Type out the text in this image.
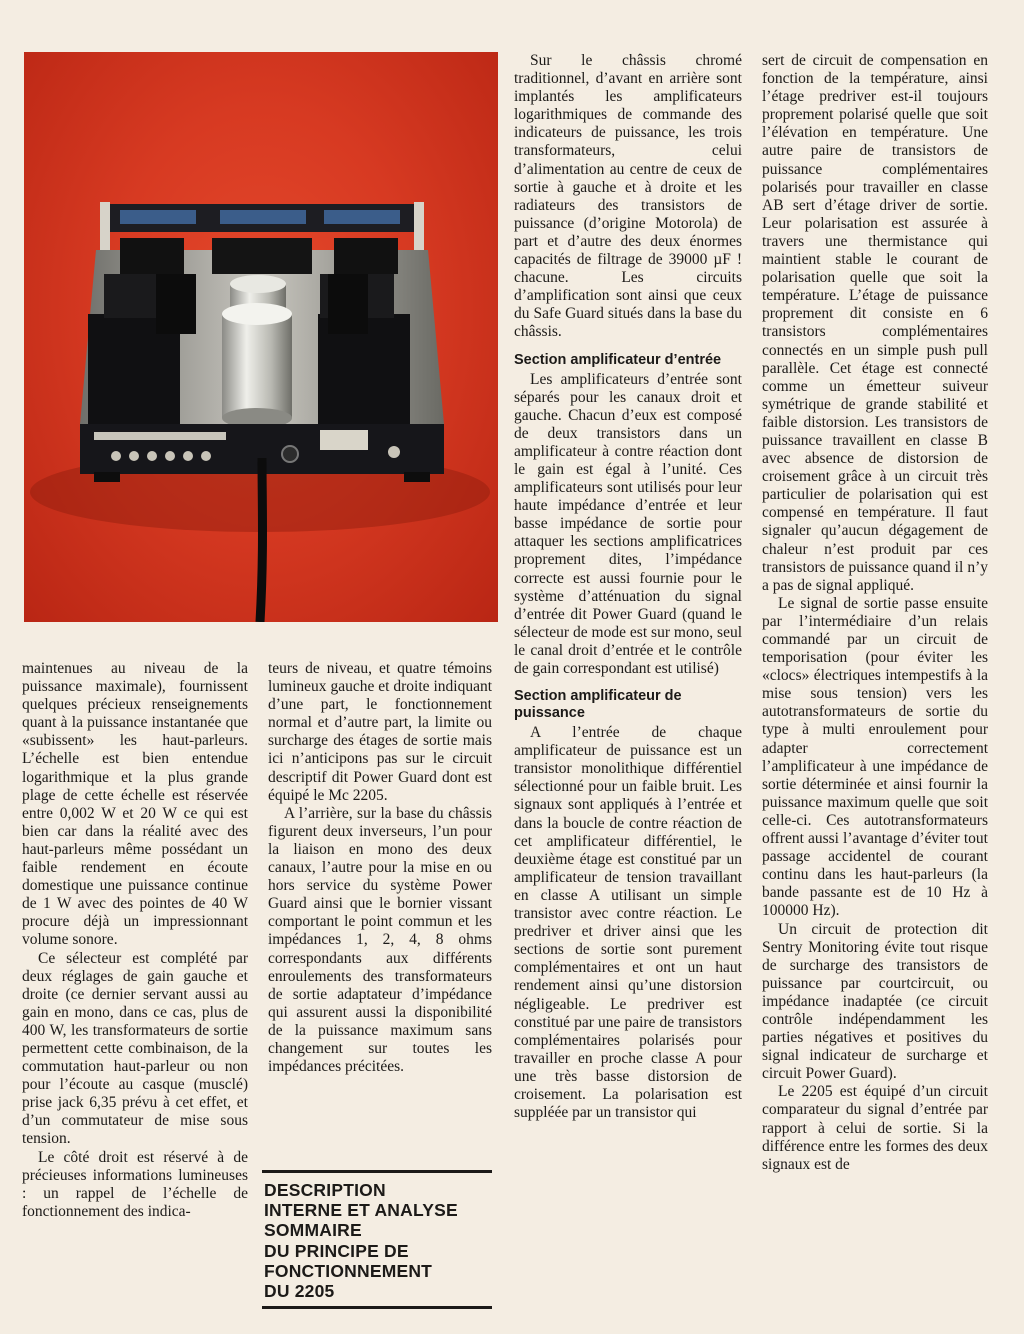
Sur le châssis chromé traditionnel, d’avant en arrière sont implantés les amplificateurs logarithmiques de commande des indicateurs de puissance, les trois transformateurs, celui d’alimentation au centre de ceux de sortie à gauche et à droite et les radiateurs des transistors de puissance (d’origine Motorola) de part et d’autre des deux énormes capacités de filtrage de 39000 µF ! chacune. Les circuits d’amplification sont ainsi que ceux du Safe Guard situés dans la base du châssis.

Section amplificateur d’entrée

Les amplificateurs d’entrée sont séparés pour les canaux droit et gauche. Chacun d’eux est composé de deux transistors dans un amplificateur à contre réaction dont le gain est égal à l’unité. Ces amplificateurs sont utilisés pour leur haute impédance d’entrée et leur basse impédance de sortie pour attaquer les sections amplificatrices proprement dites, l’impédance correcte est aussi fournie pour le système d’atténuation du signal d’entrée dit Power Guard (quand le sélecteur de mode est sur mono, seul le canal droit d’entrée et le contrôle de gain correspondant est utilisé)

Section amplificateur de puissance

A l’entrée de chaque amplificateur de puissance est un transistor monolithique différentiel sélectionné pour un faible bruit. Les signaux sont appliqués à l’entrée et dans la boucle de contre réaction de cet amplificateur différentiel, le deuxième étage est constitué par un amplificateur de tension travaillant en classe A utilisant un simple transistor avec contre réaction. Le predriver et driver ainsi que les sections de sortie sont purement complémentaires et ont un haut rendement ainsi qu’une distorsion négligeable. Le predriver est constitué par une paire de transistors complémentaires polarisés pour travailler en proche classe A pour une très basse distorsion de croisement. La polarisation est suppléée par un transistor qui

sert de circuit de compensation en fonction de la température, ainsi l’étage predriver est-il toujours proprement polarisé quelle que soit l’élévation en température. Une autre paire de transistors de puissance complémentaires polarisés pour travailler en classe AB sert d’étage driver de sortie. Leur polarisation est assurée à travers une thermistance qui maintient stable le courant de polarisation quelle que soit la température. L’étage de puissance proprement dit consiste en 6 transistors complémentaires connectés en un simple push pull parallèle. Cet étage est connecté comme un émetteur suiveur symétrique de grande stabilité et faible distorsion. Les transistors de puissance travaillent en classe B avec absence de distorsion de croisement grâce à un circuit très particulier de polarisation qui est compensé en température. Il faut signaler qu’aucun dégagement de chaleur n’est produit par ces transistors de puissance quand il n’y a pas de signal appliqué.

Le signal de sortie passe ensuite par l’intermédiaire d’un relais commandé par un circuit de temporisation (pour éviter les «clocs» électriques intempestifs à la mise sous tension) vers les autotransformateurs de sortie du type à multi enroulement pour adapter correctement l’amplificateur à une impédance de sortie déterminée et ainsi fournir la puissance maximum quelle que soit celle-ci. Ces autotransformateurs offrent aussi l’avantage d’éviter tout passage accidentel de courant continu dans les haut-parleurs (la bande passante est de 10 Hz à 100000 Hz).

Un circuit de protection dit Sentry Monitoring évite tout risque de surcharge des transistors de puissance par courtcircuit, ou impédance inadaptée (ce circuit contrôle indépendamment les parties négatives et positives du signal indicateur de surcharge et circuit Power Guard).

Le 2205 est équipé d’un circuit comparateur du signal d’entrée par rapport à celui de sortie. Si la différence entre les formes des deux signaux est de

maintenues au niveau de la puissance maximale), fournissent quelques précieux renseignements quant à la puissance instantanée que «subissent» les haut-parleurs. L’échelle est bien entendue logarithmique et la plus grande plage de cette échelle est réservée entre 0,002 W et 20 W ce qui est bien car dans la réalité avec des haut-parleurs même possédant un faible rendement en écoute domestique une puissance continue de 1 W avec des pointes de 40 W procure déjà un impressionnant volume sonore.

Ce sélecteur est complété par deux réglages de gain gauche et droite (ce dernier servant aussi au gain en mono, dans ce cas, plus de 400 W, les transformateurs de sortie permettent cette combinaison, de la commutation haut-parleur ou non pour l’écoute au casque (musclé) prise jack 6,35 prévu à cet effet, et d’un commutateur de mise sous tension.

Le côté droit est réservé à de précieuses informations lumineuses : un rappel de l’échelle de fonctionnement des indica-

teurs de niveau, et quatre témoins lumineux gauche et droite indiquant d’une part, le fonctionnement normal et d’autre part, la limite ou surcharge des étages de sortie mais ici n’anticipons pas sur le circuit descriptif dit Power Guard dont est équipé le Mc 2205.

A l’arrière, sur la base du châssis figurent deux inverseurs, l’un pour la liaison en mono des deux canaux, l’autre pour la mise en ou hors service du système Power Guard ainsi que le bornier vissant comportant le point commun et les impédances 1, 2, 4, 8 ohms correspondants aux différents enroulements des transformateurs de sortie adaptateur d’impédance qui assurent aussi la disponibilité de la puissance maximum sans changement sur toutes les impédances précitées.

DESCRIPTION
INTERNE ET ANALYSE
SOMMAIRE
DU PRINCIPE DE
FONCTIONNEMENT
DU 2205
